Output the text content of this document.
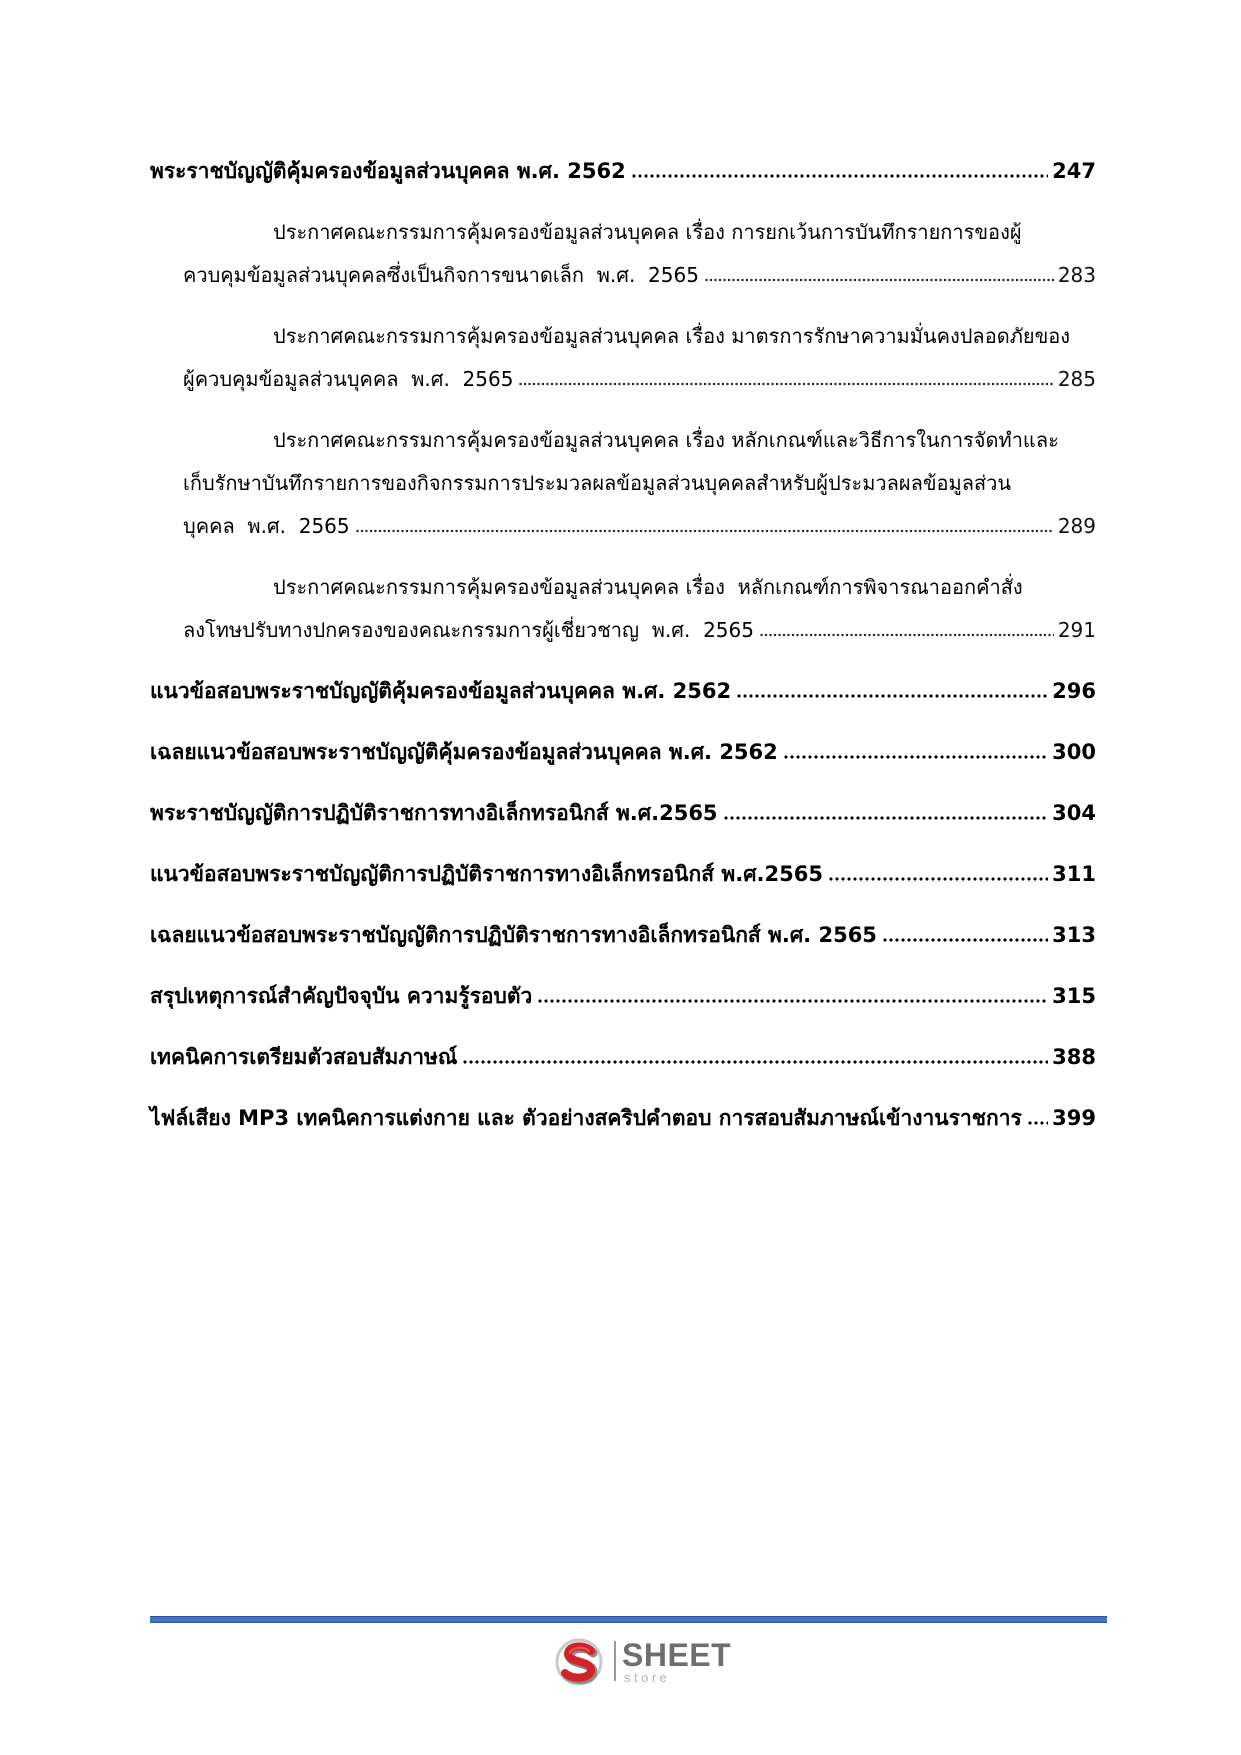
พระราชบัญญัติคุ้มครองข้อมูลส่วนบุคคล พ.ศ. 2562	247
ประกาศคณะกรรมการคุ้มครองข้อมูลส่วนบุคคล เรื่อง การยกเว้นการบันทึกรายการของผู้
ควบคุมข้อมูลส่วนบุคคลซึ่งเป็นกิจการขนาดเล็ก  พ.ศ.  2565	283
ประกาศคณะกรรมการคุ้มครองข้อมูลส่วนบุคคล เรื่อง มาตรการรักษาความมั่นคงปลอดภัยของ
ผู้ควบคุมข้อมูลส่วนบุคคล  พ.ศ.  2565	285
ประกาศคณะกรรมการคุ้มครองข้อมูลส่วนบุคคล เรื่อง หลักเกณฑ์และวิธีการในการจัดทำและ
เก็บรักษาบันทึกรายการของกิจกรรมการประมวลผลข้อมูลส่วนบุคคลสำหรับผู้ประมวลผลข้อมูลส่วน
บุคคล  พ.ศ.  2565	289
ประกาศคณะกรรมการคุ้มครองข้อมูลส่วนบุคคล เรื่อง  หลักเกณฑ์การพิจารณาออกคำสั่ง
ลงโทษปรับทางปกครองของคณะกรรมการผู้เชี่ยวชาญ  พ.ศ.  2565	291
แนวข้อสอบพระราชบัญญัติคุ้มครองข้อมูลส่วนบุคคล พ.ศ. 2562	296
เฉลยแนวข้อสอบพระราชบัญญัติคุ้มครองข้อมูลส่วนบุคคล พ.ศ. 2562	300
พระราชบัญญัติการปฏิบัติราชการทางอิเล็กทรอนิกส์ พ.ศ.2565	304
แนวข้อสอบพระราชบัญญัติการปฏิบัติราชการทางอิเล็กทรอนิกส์ พ.ศ.2565	311
เฉลยแนวข้อสอบพระราชบัญญัติการปฏิบัติราชการทางอิเล็กทรอนิกส์ พ.ศ. 2565	313
สรุปเหตุการณ์สำคัญปัจจุบัน ความรู้รอบตัว	315
เทคนิคการเตรียมตัวสอบสัมภาษณ์	388
ไฟล์เสียง MP3 เทคนิคการแต่งกาย และ ตัวอย่างสคริปคำตอบ การสอบสัมภาษณ์เข้างานราชการ 399
SHEET
store
